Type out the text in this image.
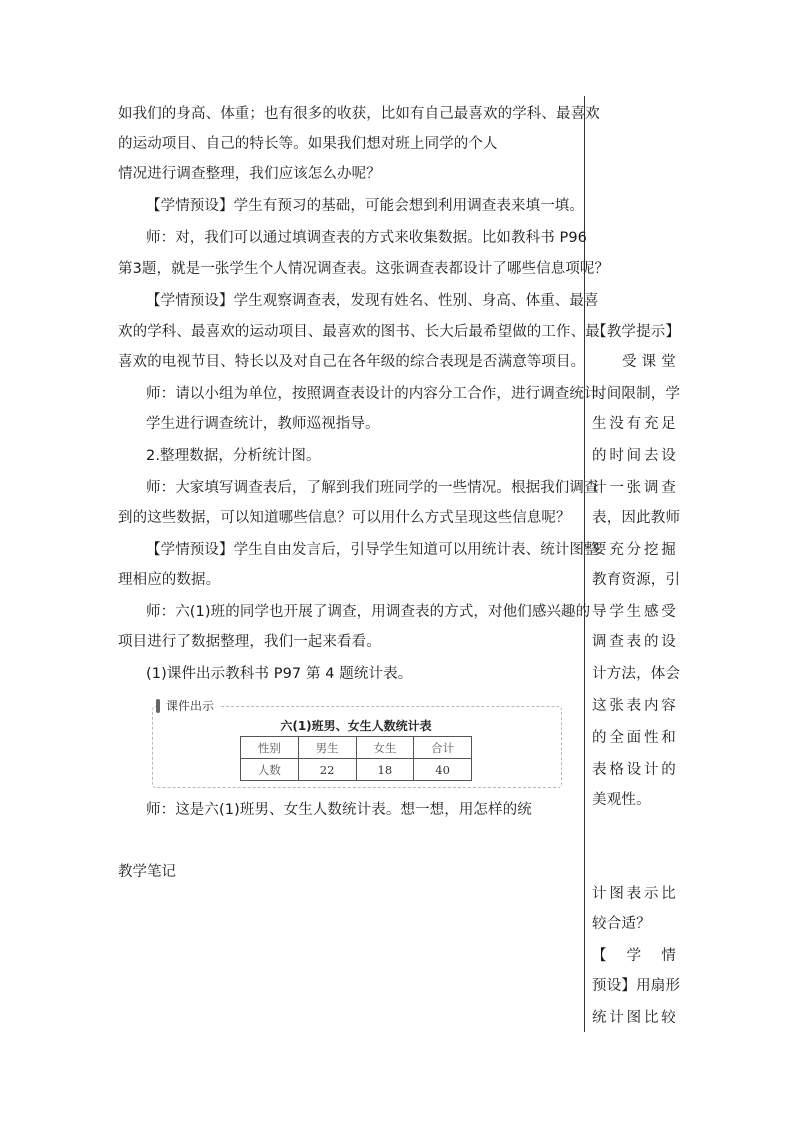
如我们的身高、体重；也有很多的收获，比如有自己最喜欢的学科、最喜欢
的运动项目、自己的特长等。如果我们想对班上同学的个人
情况进行调查整理，我们应该怎么办呢？
【学情预设】学生有预习的基础，可能会想到利用调查表来填一填。
师：对，我们可以通过填调查表的方式来收集数据。比如教科书 P96
第3题，就是一张学生个人情况调查表。这张调查表都设计了哪些信息项呢？
【学情预设】学生观察调查表，发现有姓名、性别、身高、体重、最喜
欢的学科、最喜欢的运动项目、最喜欢的图书、长大后最希望做的工作、最
喜欢的电视节目、特长以及对自己在各年级的综合表现是否满意等项目。
师：请以小组为单位，按照调查表设计的内容分工合作，进行调查统计。
学生进行调查统计，教师巡视指导。
2.整理数据，分析统计图。
师：大家填写调查表后，了解到我们班同学的一些情况。根据我们调查
到的这些数据，可以知道哪些信息？可以用什么方式呈现这些信息呢？
【学情预设】学生自由发言后，引导学生知道可以用统计表、统计图整
理相应的数据。
师：六(1)班的同学也开展了调查，用调查表的方式，对他们感兴趣的
项目进行了数据整理，我们一起来看看。
(1)课件出示教科书 P97 第 4 题统计表。
师：这是六(1)班男、女生人数统计表。想一想，用怎样的统
课件出示
六(1)班男、女生人数统计表
性别	男生	女生	合计
人数	22	18	40
教学笔记
【教学提示】
受 课 堂
时间限制，学
生没有充足
的时间去设
计一张调查
表，因此教师
要充分挖掘
教育资源，引
导学生感受
调查表的设
计方法，体会
这张表内容
的全面性和
表格设计的
美观性。
计图表示比
较合适？
【 学 情
预设】用扇形
统计图比较
